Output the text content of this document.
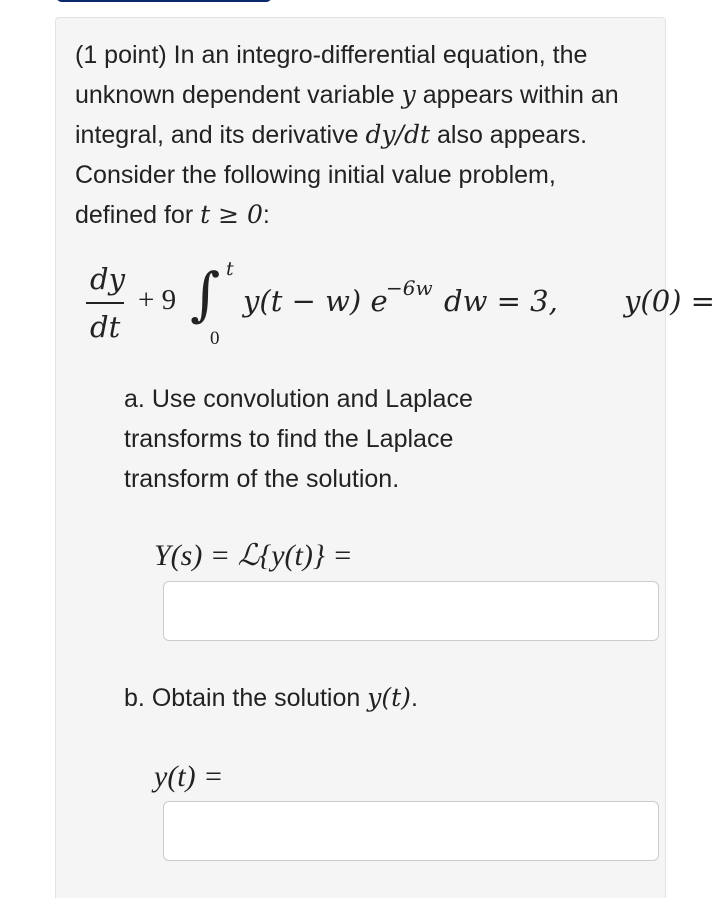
(1 point) In an integro-differential equation, the unknown dependent variable y appears within an integral, and its derivative dy/dt also appears. Consider the following initial value problem, defined for t ≥ 0:
dy
dt
+ 9 ∫ t
0
y(t − w) e
−6w dw = 3, y(0) =
a. Use convolution and Laplace transforms to find the Laplace transform of the solution.
Y(s) = ℒ{y(t)} =
b. Obtain the solution y(t).
y(t) =
